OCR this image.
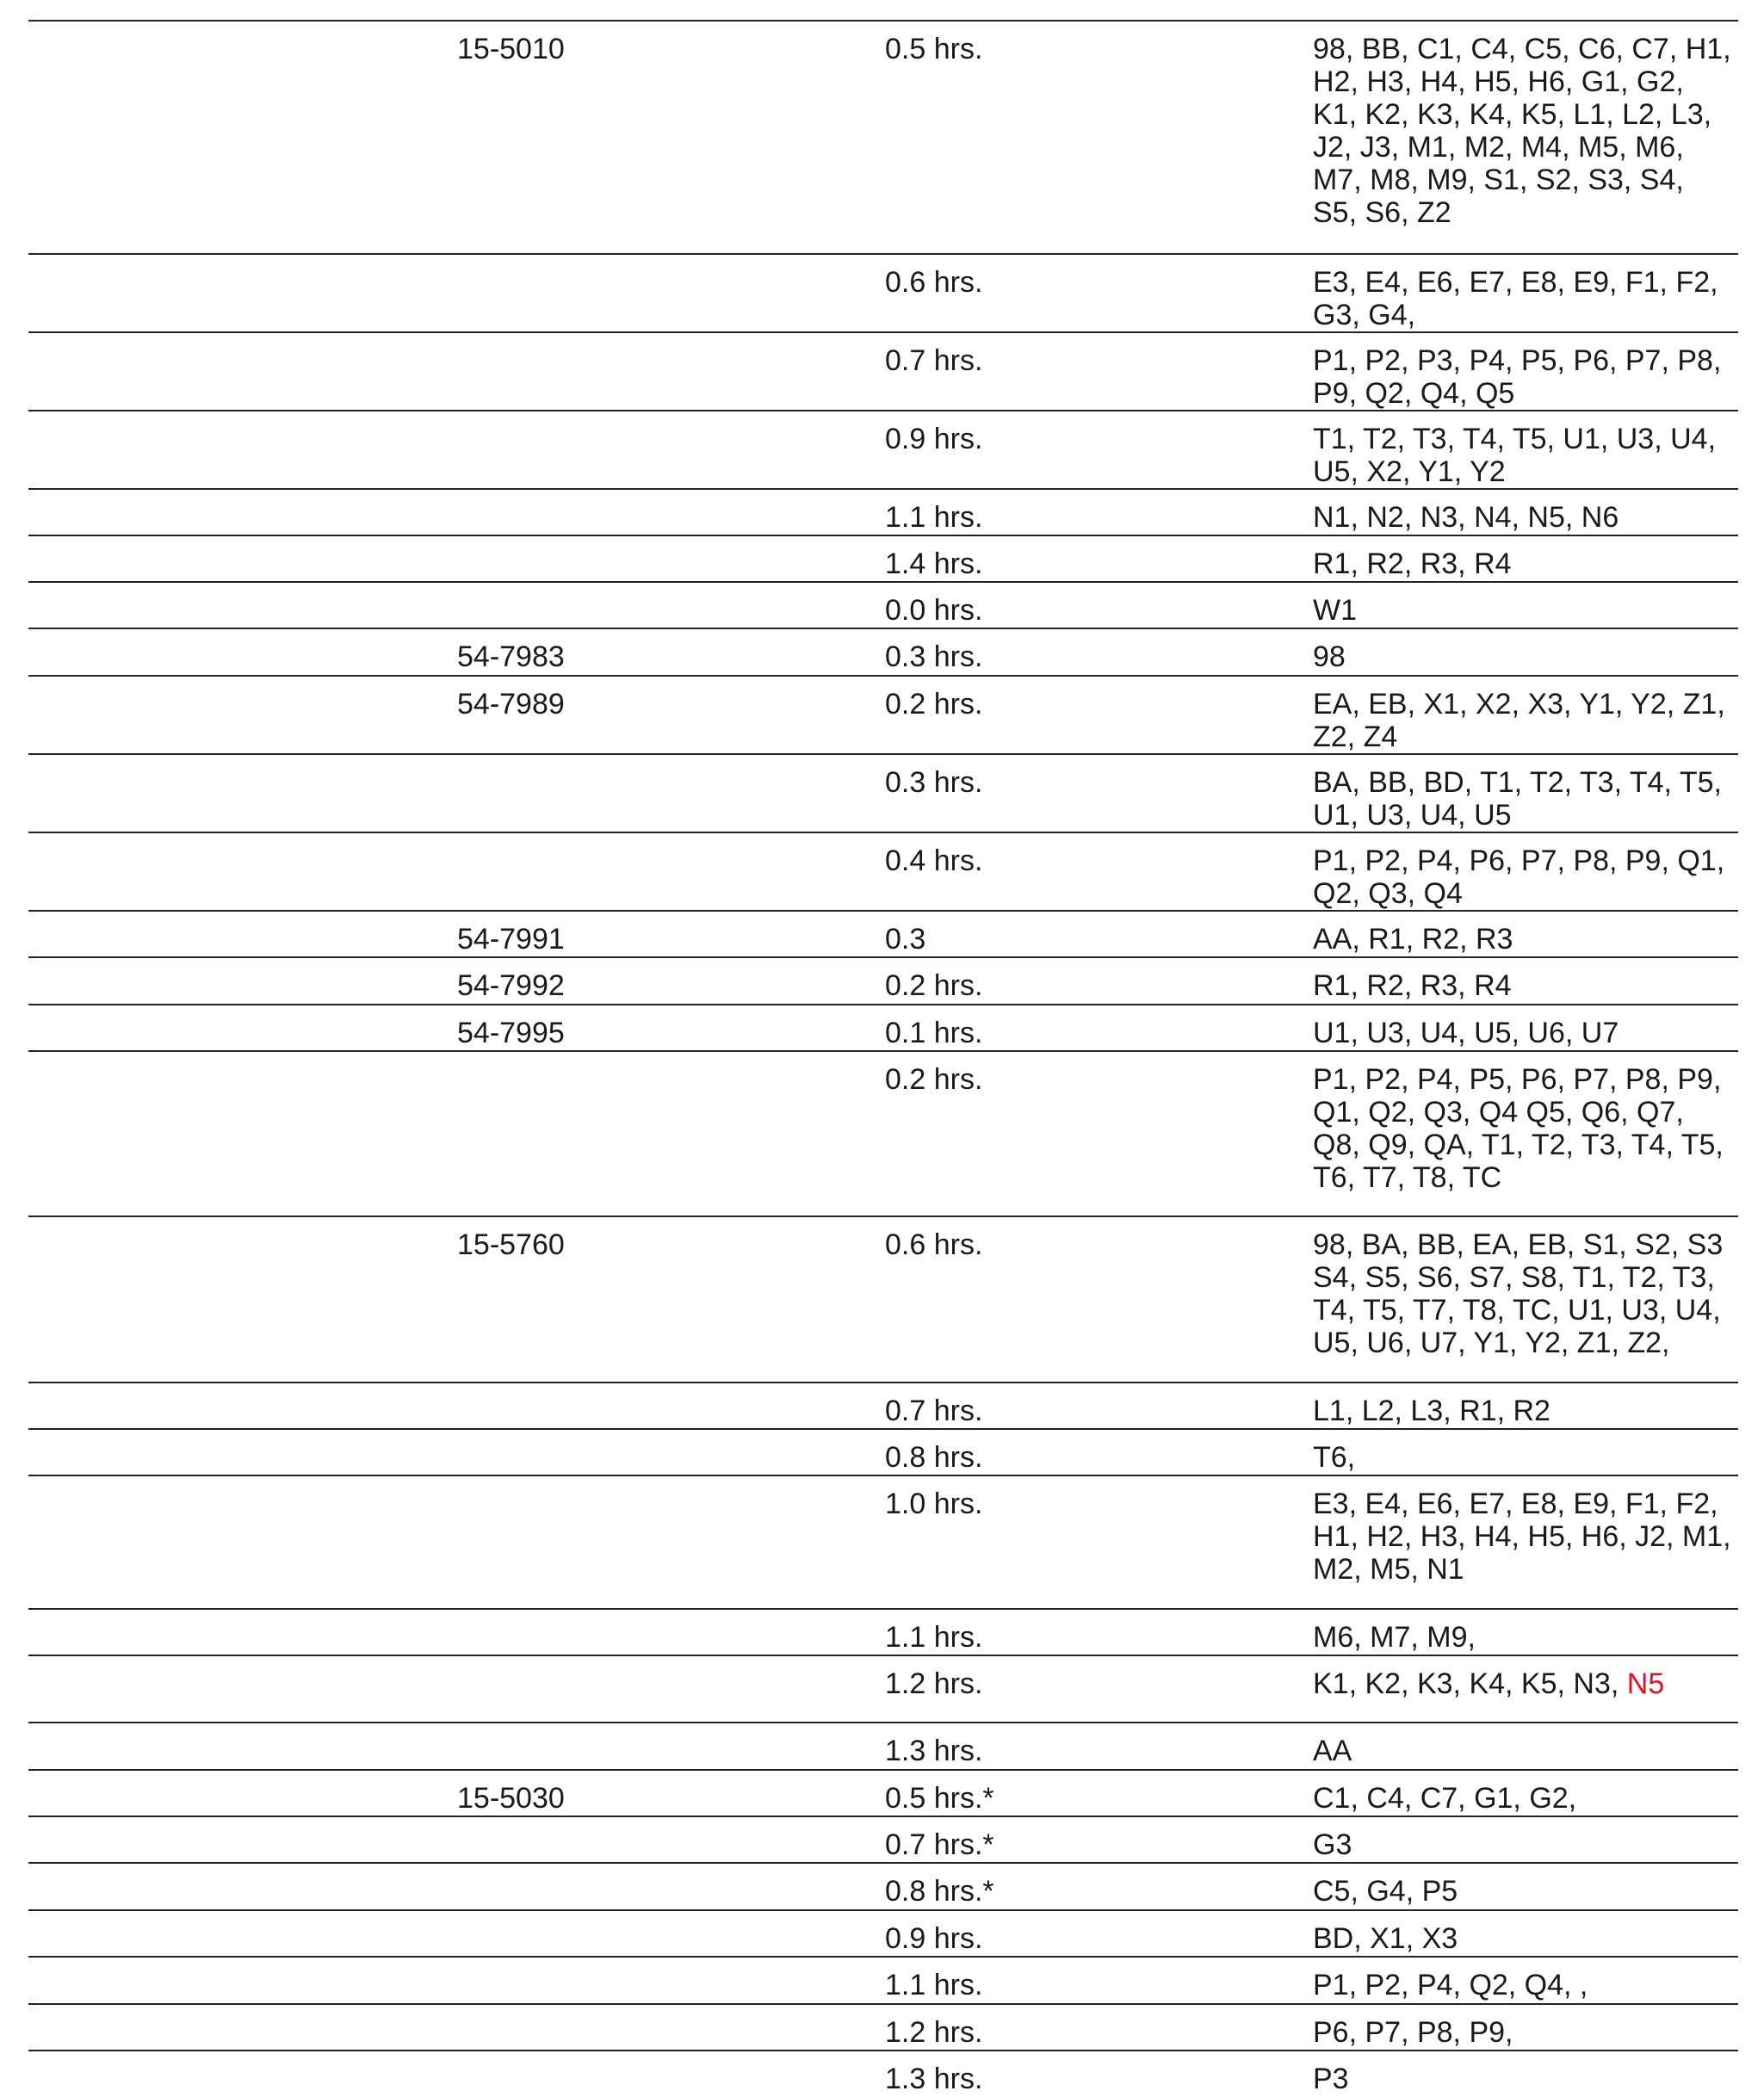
	15-5010	0.5 hrs.	98, BB, C1, C4, C5, C6, C7, H1, H2, H3, H4, H5, H6, G1, G2, K1, K2, K3, K4, K5, L1, L2, L3, J2, J3, M1, M2, M4, M5, M6, M7, M8, M9, S1, S2, S3, S4, S5, S6, Z2
		0.6 hrs.	E3, E4, E6, E7, E8, E9, F1, F2, G3, G4,
		0.7 hrs.	P1, P2, P3, P4, P5, P6, P7, P8, P9, Q2, Q4, Q5
		0.9 hrs.	T1, T2, T3, T4, T5, U1, U3, U4, U5, X2, Y1, Y2
		1.1 hrs.	N1, N2, N3, N4, N5, N6
		1.4 hrs.	R1, R2, R3, R4
		0.0 hrs.	W1
	54-7983	0.3 hrs.	98
	54-7989	0.2 hrs.	EA, EB, X1, X2, X3, Y1, Y2, Z1, Z2, Z4
		0.3 hrs.	BA, BB, BD, T1, T2, T3, T4, T5, U1, U3, U4, U5
		0.4 hrs.	P1, P2, P4, P6, P7, P8, P9, Q1, Q2, Q3, Q4
	54-7991	0.3	AA, R1, R2, R3
	54-7992	0.2 hrs.	R1, R2, R3, R4
	54-7995	0.1 hrs.	U1, U3, U4, U5, U6, U7
		0.2 hrs.	P1, P2, P4, P5, P6, P7, P8, P9, Q1, Q2, Q3, Q4 Q5, Q6, Q7, Q8, Q9, QA, T1, T2, T3, T4, T5, T6, T7, T8, TC
	15-5760	0.6 hrs.	98, BA, BB, EA, EB, S1, S2, S3 S4, S5, S6, S7, S8, T1, T2, T3, T4, T5, T7, T8, TC, U1, U3, U4, U5, U6, U7, Y1, Y2, Z1, Z2,
		0.7 hrs.	L1, L2, L3, R1, R2
		0.8 hrs.	T6,
		1.0 hrs.	E3, E4, E6, E7, E8, E9, F1, F2, H1, H2, H3, H4, H5, H6, J2, M1, M2, M5, N1
		1.1 hrs.	M6, M7, M9,
		1.2 hrs.	K1, K2, K3, K4, K5, N3, N5
		1.3 hrs.	AA
	15-5030	0.5 hrs.*	C1, C4, C7, G1, G2,
		0.7 hrs.*	G3
		0.8 hrs.*	C5, G4, P5
		0.9 hrs.	BD, X1, X3
		1.1 hrs.	P1, P2, P4, Q2, Q4, ,
		1.2 hrs.	P6, P7, P8, P9,
		1.3 hrs.	P3
